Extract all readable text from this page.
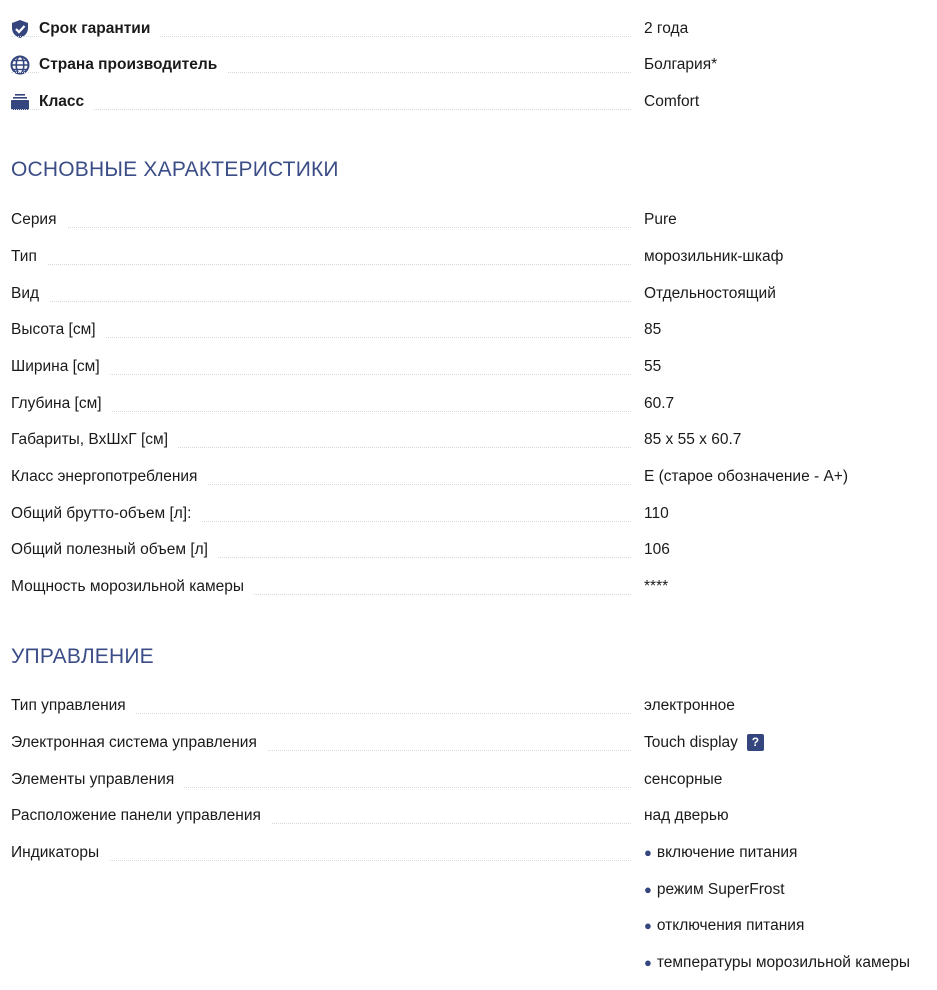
Срок гарантии	2 года
Страна производитель	Болгария*
Класс	Comfort
ОСНОВНЫЕ ХАРАКТЕРИСТИКИ
Серия	Pure
Тип	морозильник-шкаф
Вид	Отдельностоящий
Высота [см]	85
Ширина [см]	55
Глубина [см]	60.7
Габариты, ВхШхГ [см]	85 x 55 x 60.7
Класс энергопотребления	E (старое обозначение - A+)
Общий брутто-объем [л]:	110
Общий полезный объем [л]	106
Мощность морозильной камеры	****
УПРАВЛЕНИЕ
Тип управления	электронное
Электронная система управления	Touch display ?
Элементы управления	сенсорные
Расположение панели управления	над дверью
Индикаторы	● включение питания
● режим SuperFrost
● отключения питания
● температуры морозильной камеры
